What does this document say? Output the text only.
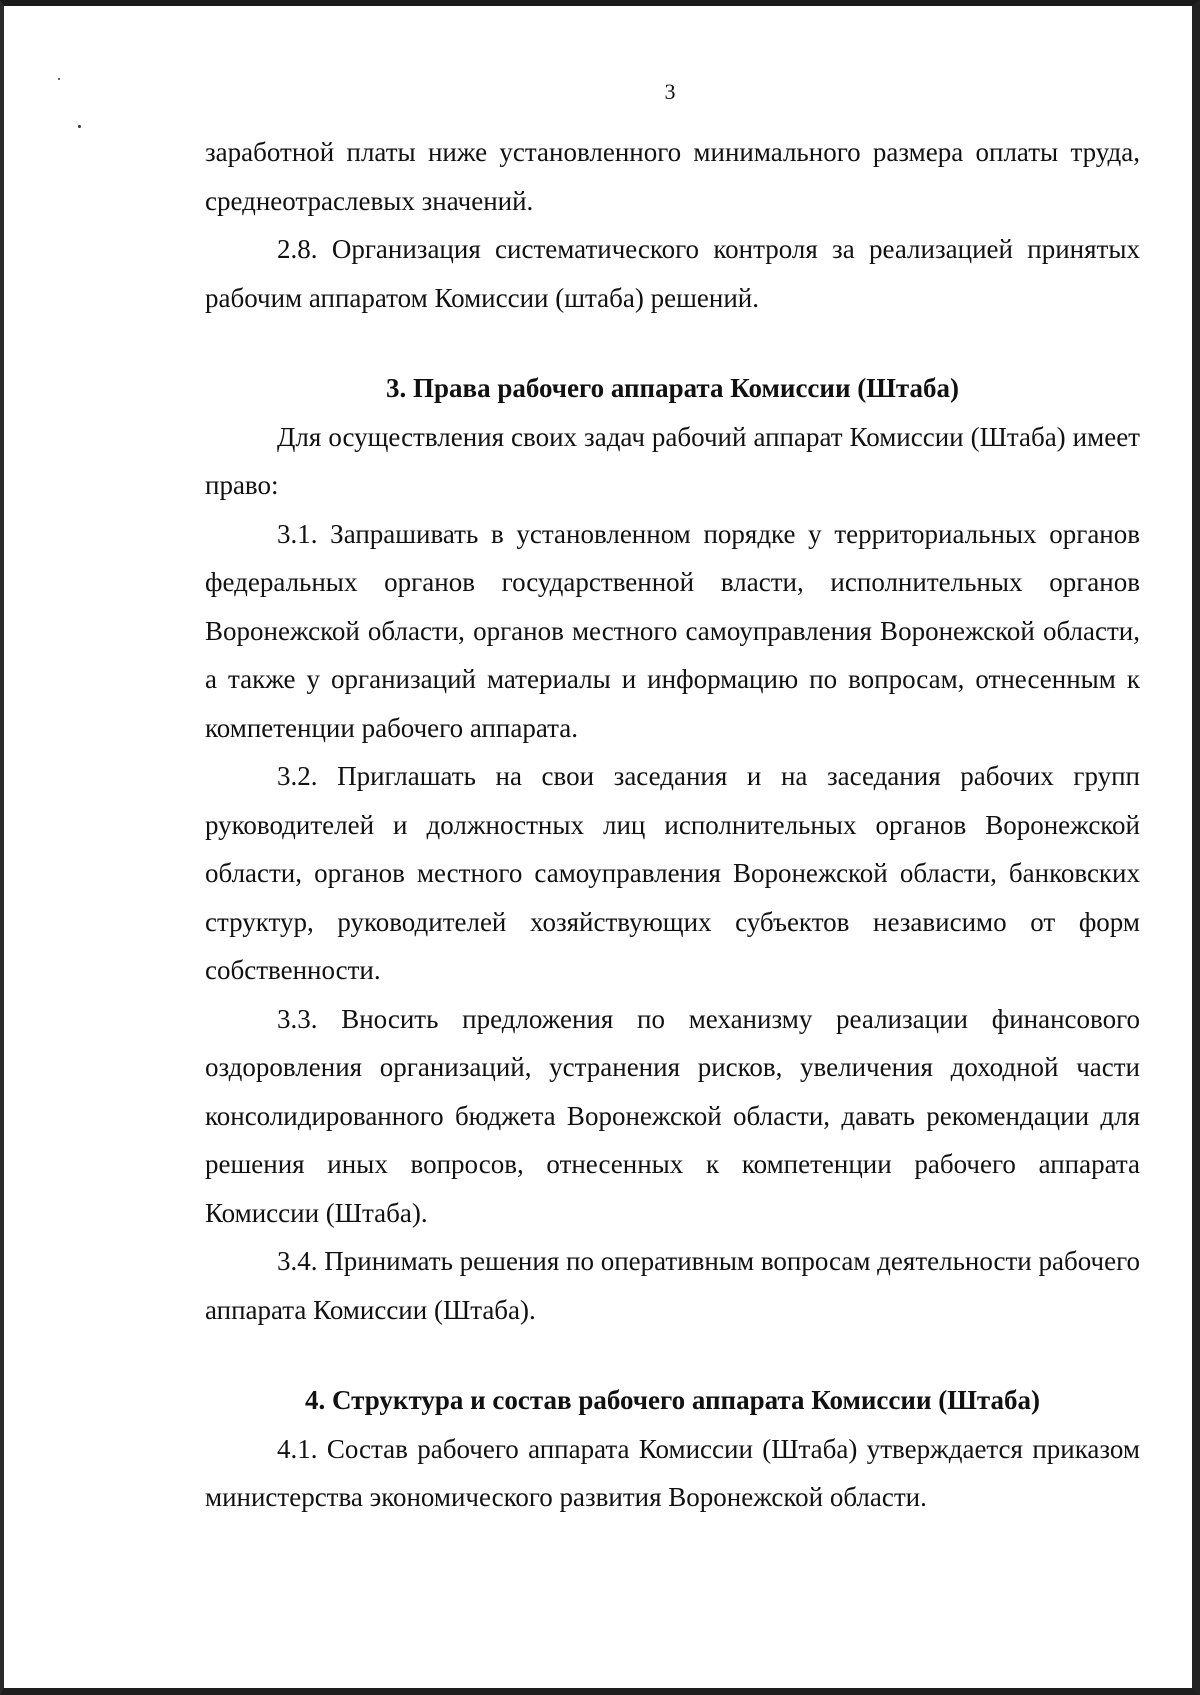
3

заработной платы ниже установленного минимального размера оплаты труда, среднеотраслевых значений.

2.8. Организация систематического контроля за реализацией принятых рабочим аппаратом Комиссии (штаба) решений.

3. Права рабочего аппарата Комиссии (Штаба)

Для осуществления своих задач рабочий аппарат Комиссии (Штаба) имеет право:

3.1. Запрашивать в установленном порядке у территориальных органов федеральных органов государственной власти, исполнительных органов Воронежской области, органов местного самоуправления Воронежской области, а также у организаций материалы и информацию по вопросам, отнесенным к компетенции рабочего аппарата.

3.2. Приглашать на свои заседания и на заседания рабочих групп руководителей и должностных лиц исполнительных органов Воронежской области, органов местного самоуправления Воронежской области, банковских структур, руководителей хозяйствующих субъектов независимо от форм собственности.

3.3. Вносить предложения по механизму реализации финансового оздоровления организаций, устранения рисков, увеличения доходной части консолидированного бюджета Воронежской области, давать рекомендации для решения иных вопросов, отнесенных к компетенции рабочего аппарата Комиссии (Штаба).

3.4. Принимать решения по оперативным вопросам деятельности рабочего аппарата Комиссии (Штаба).

4. Структура и состав рабочего аппарата Комиссии (Штаба)

4.1. Состав рабочего аппарата Комиссии (Штаба) утверждается приказом министерства экономического развития Воронежской области.
